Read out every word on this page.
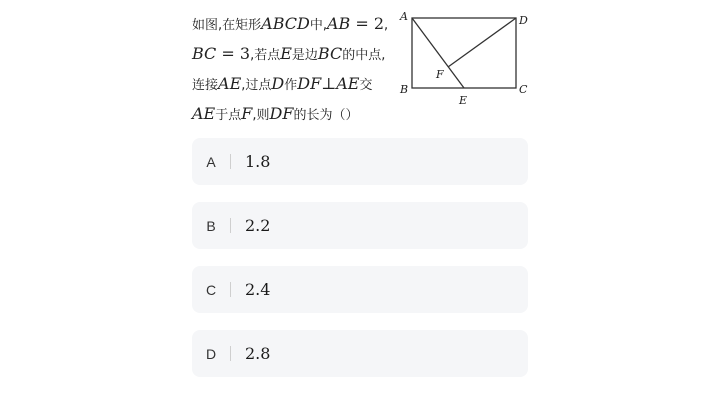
如图,在矩形ABCD中,AB = 2,
BC = 3,若点E是边BC的中点,
连接AE,过点D作DF⊥AE交
AE于点F,则DF的长为（）
A	D
B	C
E
F
A	1.8
B	2.2
C	2.4
D	2.8
